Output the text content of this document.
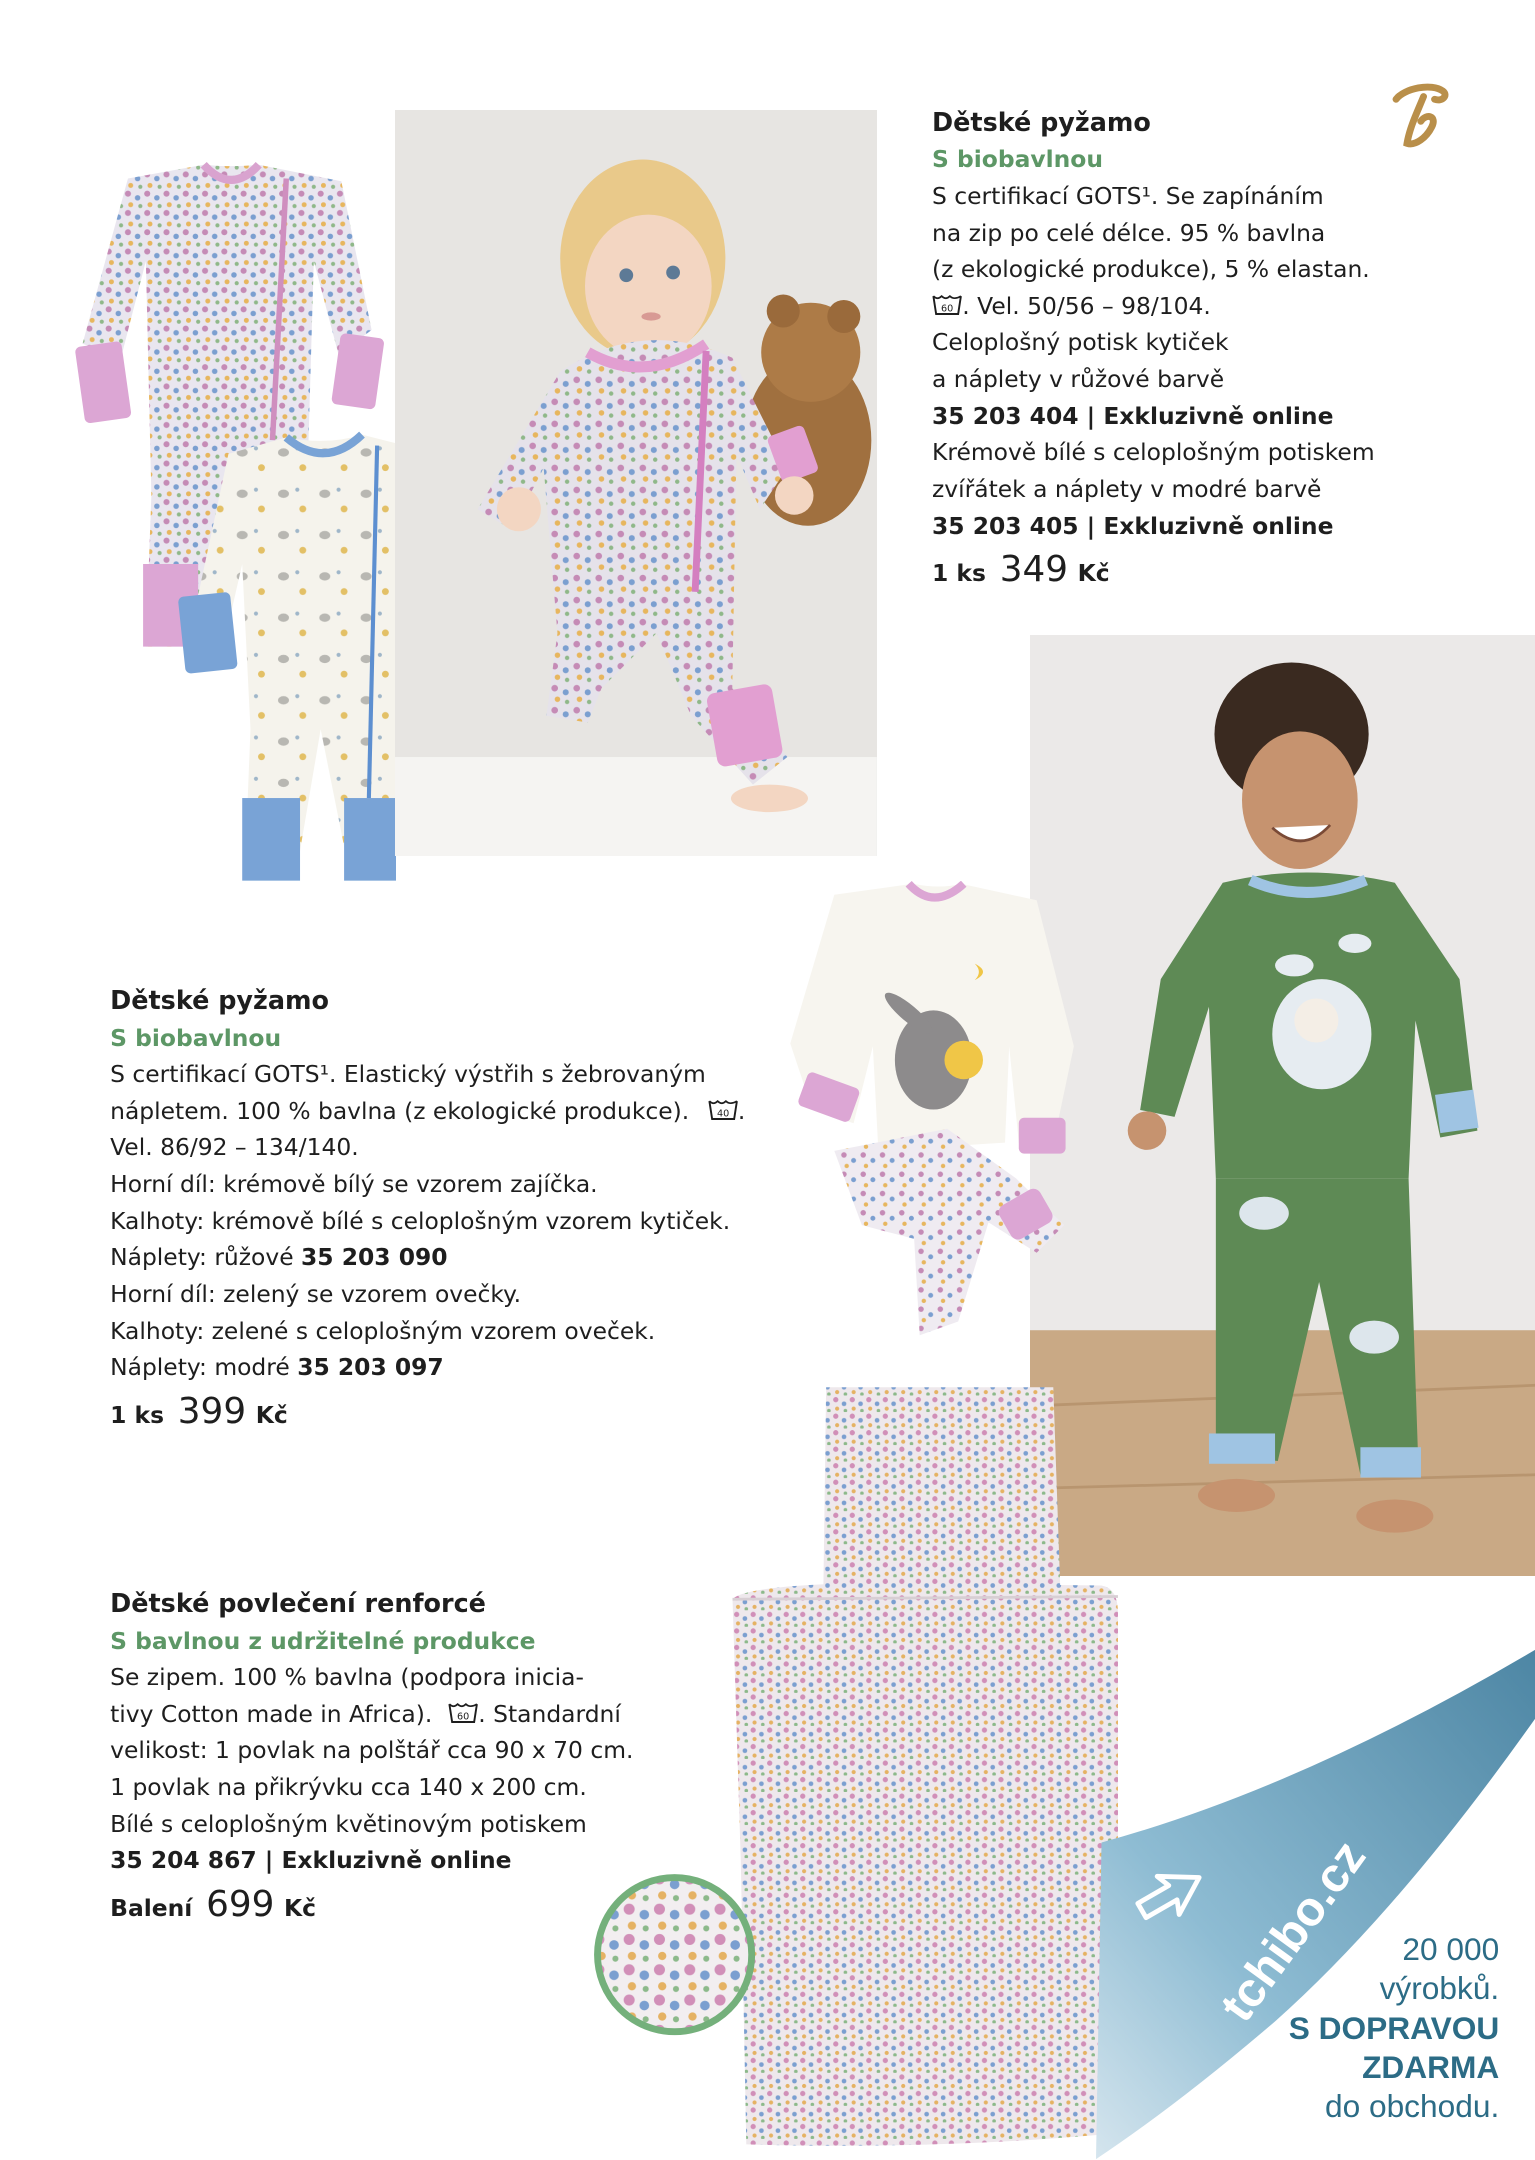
Dětské pyžamo
S biobavlnou
S certifikací GOTS¹. Se zapínáním
na zip po celé délce. 95 % bavlna
(z ekologické produkce), 5 % elastan.
60 . Vel. 50/56 – 98/104.
Celoplošný potisk kytiček
a náplety v růžové barvě
35 203 404 | Exkluzivně online
Krémově bílé s celoplošným potiskem
zvířátek a náplety v modré barvě
35 203 405 | Exkluzivně online
1 ks 349 Kč
Dětské pyžamo
S biobavlnou
S certifikací GOTS¹. Elastický výstřih s žebrovaným
nápletem. 100 % bavlna (z ekologické produkce).	40 .
Vel. 86/92 – 134/140.
Horní díl: krémově bílý se vzorem zajíčka.
Kalhoty: krémově bílé s celoplošným vzorem kytiček.
Náplety: růžové 35 203 090
Horní díl: zelený se vzorem ovečky.
Kalhoty: zelené s celoplošným vzorem oveček.
Náplety: modré 35 203 097
1 ks 399 Kč
Dětské povlečení renforcé
S bavlnou z udržitelné produkce
Se zipem. 100 % bavlna (podpora inicia-
tivy Cotton made in Africa).	60 . Standardní
velikost: 1 povlak na polštář cca 90 x 70 cm.
1 povlak na přikrývku cca 140 x 200 cm.
Bílé s celoplošným květinovým potiskem
35 204 867 | Exkluzivně online
Balení 699 Kč	tchibo.cz	20 000
výrobků.
S DOPRAVOU
ZDARMA
do obchodu.
